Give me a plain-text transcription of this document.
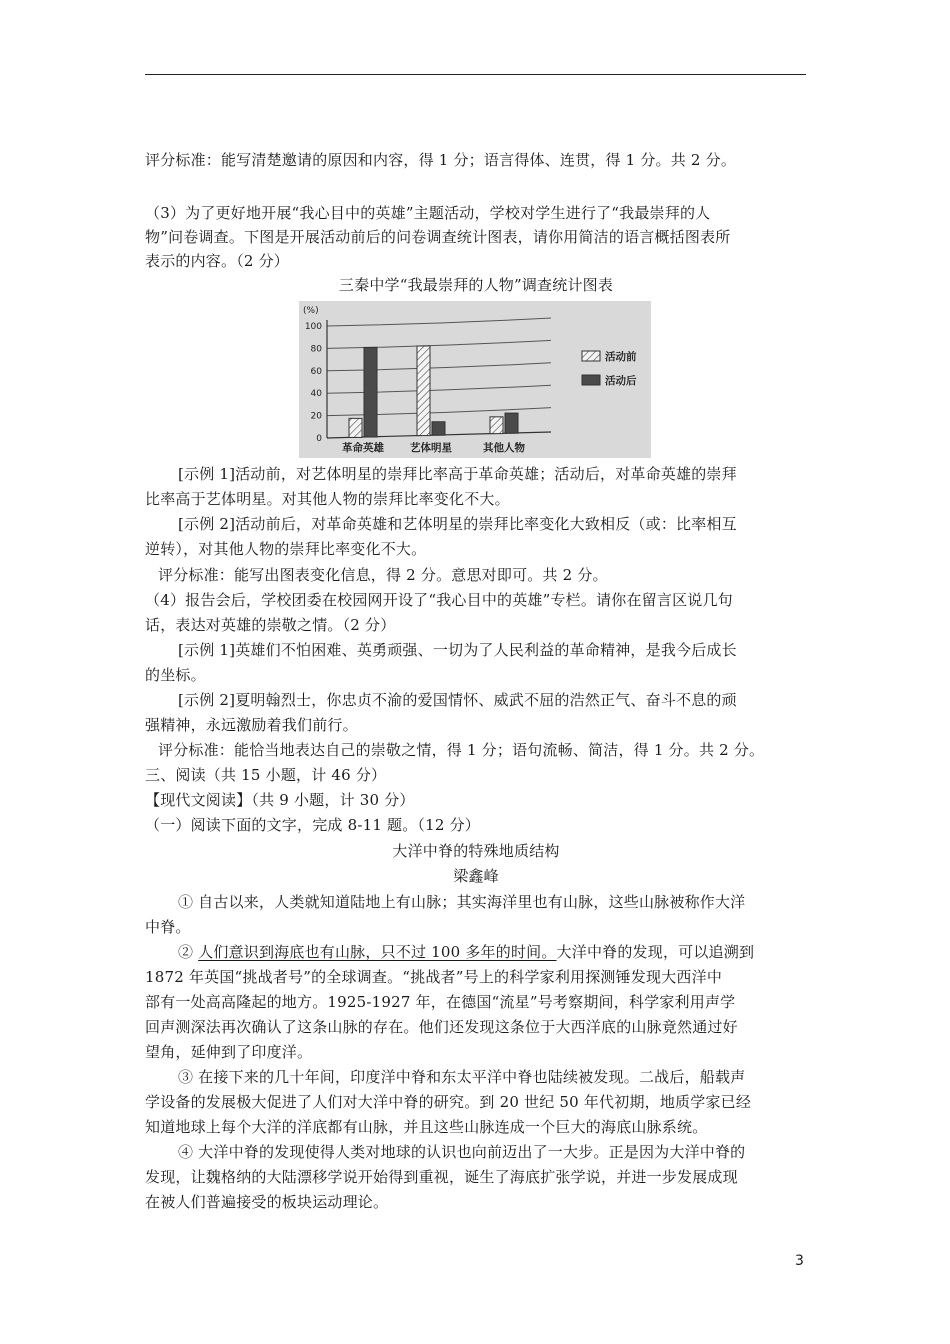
评分标准：能写清楚邀请的原因和内容，得 1 分；语言得体、连贯，得 1 分。共 2 分。
（3）为了更好地开展“我心目中的英雄”主题活动，学校对学生进行了“我最崇拜的人
物”问卷调查。下图是开展活动前后的问卷调查统计图表，请你用简洁的语言概括图表所
表示的内容。（2 分）
三秦中学“我最崇拜的人物”调查统计图表
[示例 1]活动前，对艺体明星的崇拜比率高于革命英雄；活动后，对革命英雄的崇拜
比率高于艺体明星。对其他人物的崇拜比率变化不大。
[示例 2]活动前后，对革命英雄和艺体明星的崇拜比率变化大致相反（或：比率相互
逆转），对其他人物的崇拜比率变化不大。
评分标准：能写出图表变化信息，得 2 分。意思对即可。共 2 分。
（4）报告会后，学校团委在校园网开设了“我心目中的英雄”专栏。请你在留言区说几句
话，表达对英雄的崇敬之情。（2 分）
[示例 1]英雄们不怕困难、英勇顽强、一切为了人民利益的革命精神，是我今后成长
的坐标。
[示例 2]夏明翰烈士，你忠贞不渝的爱国情怀、威武不屈的浩然正气、奋斗不息的顽
强精神，永远激励着我们前行。
评分标准：能恰当地表达自己的崇敬之情，得 1 分；语句流畅、简洁，得 1 分。共 2 分。
三、阅读（共 15 小题，计 46 分）
【现代文阅读】（共 9 小题，计 30 分）
（一）阅读下面的文字，完成 8-11 题。（12 分）
大洋中脊的特殊地质结构
梁鑫峰
① 自古以来，人类就知道陆地上有山脉；其实海洋里也有山脉，这些山脉被称作大洋
中脊。
② 人们意识到海底也有山脉，只不过 100 多年的时间。大洋中脊的发现，可以追溯到
1872 年英国“挑战者号”的全球调查。“挑战者”号上的科学家利用探测锤发现大西洋中
部有一处高高隆起的地方。1925-1927 年，在德国“流星”号考察期间，科学家利用声学
回声测深法再次确认了这条山脉的存在。他们还发现这条位于大西洋底的山脉竟然通过好
望角，延伸到了印度洋。
③ 在接下来的几十年间，印度洋中脊和东太平洋中脊也陆续被发现。二战后，船载声
学设备的发展极大促进了人们对大洋中脊的研究。到 20 世纪 50 年代初期，地质学家已经
知道地球上每个大洋的洋底都有山脉，并且这些山脉连成一个巨大的海底山脉系统。
④ 大洋中脊的发现使得人类对地球的认识也向前迈出了一大步。正是因为大洋中脊的
发现，让魏格纳的大陆漂移学说开始得到重视，诞生了海底扩张学说，并进一步发展成现
在被人们普遍接受的板块运动理论。
(%)
0
20
40
60
80
100
革命英雄 艺体明星	其他人物
活动前
活动后
3
